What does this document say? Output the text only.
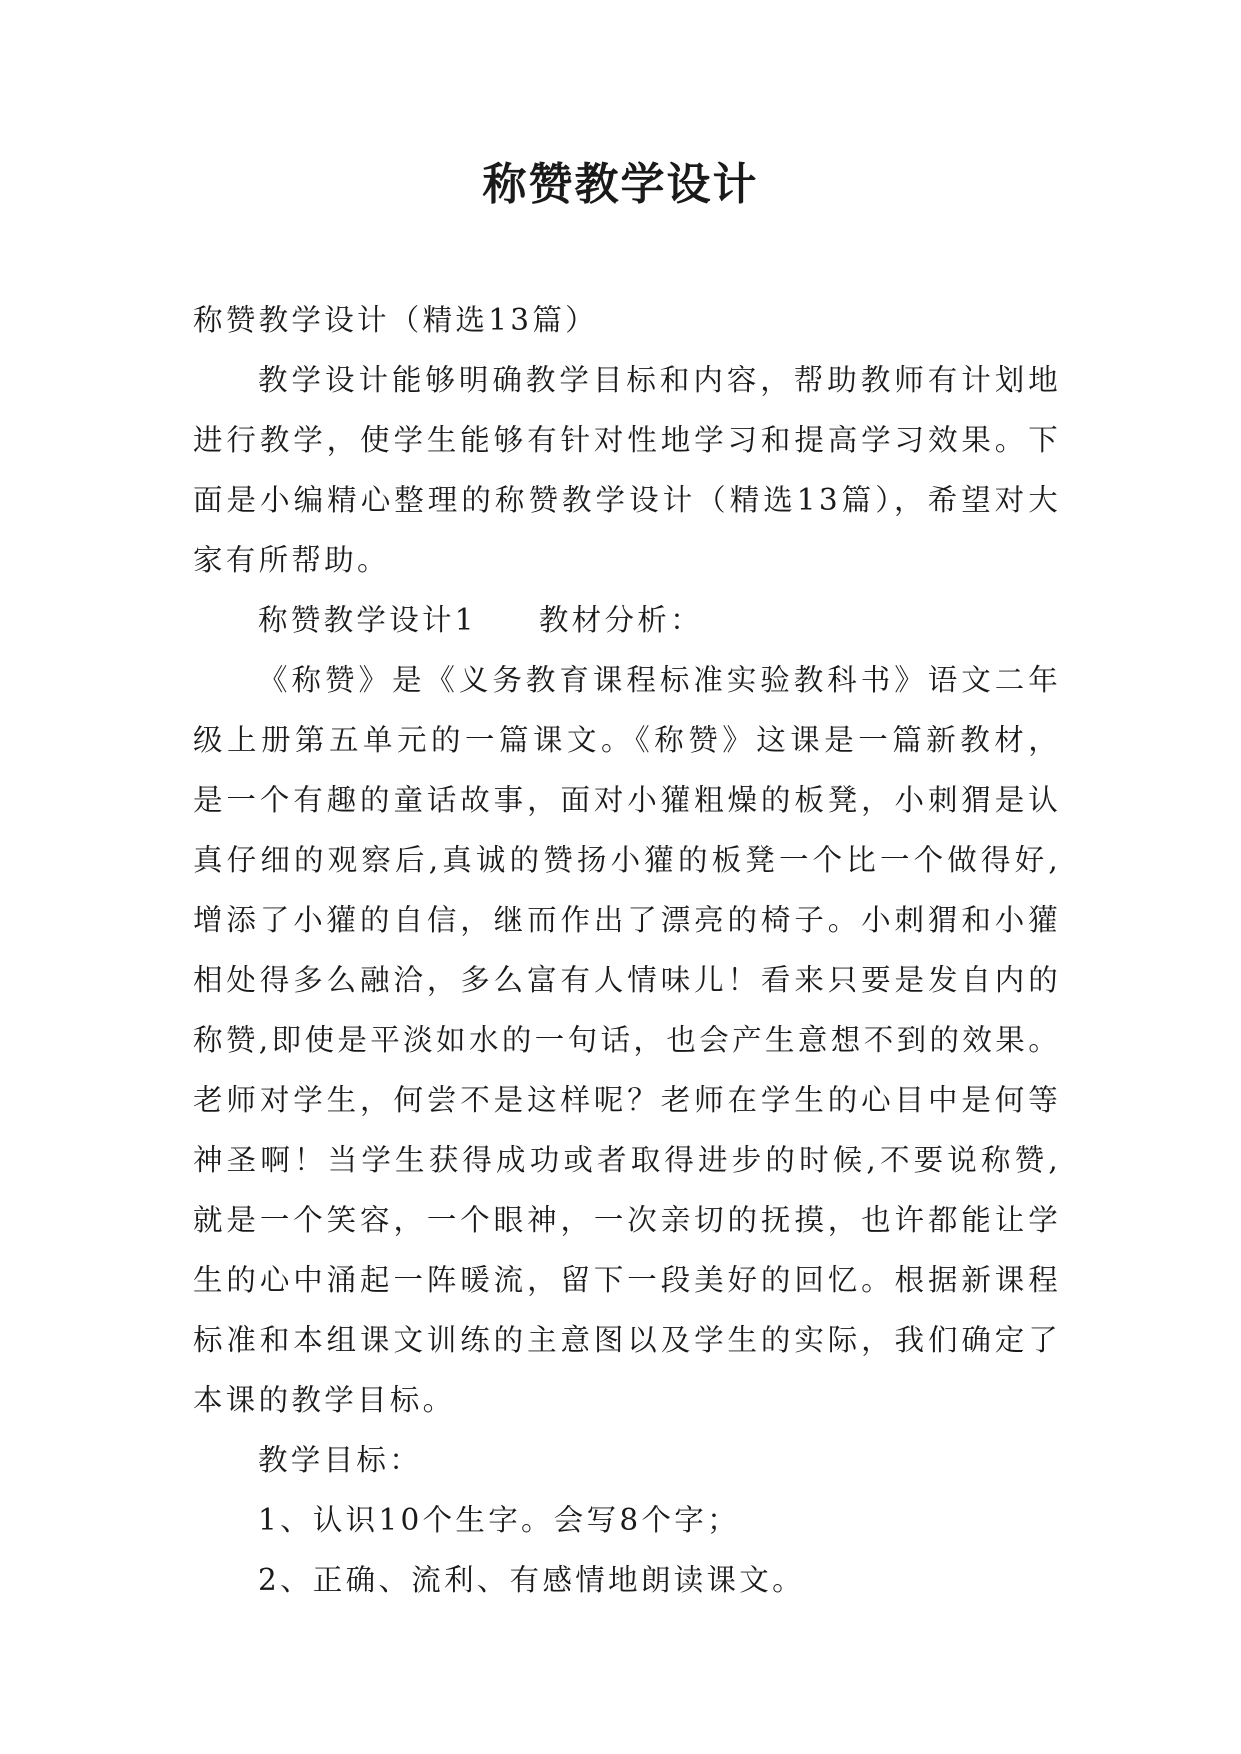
称赞教学设计

称赞教学设计（精选13篇）

教学设计能够明确教学目标和内容，帮助教师有计划地进行教学，使学生能够有针对性地学习和提高学习效果。下面是小编精心整理的称赞教学设计（精选13篇），希望对大家有所帮助。

称赞教学设计1 教材分析：

《称赞》是《义务教育课程标准实验教科书》语文二年级上册第五单元的一篇课文。《称赞》这课是一篇新教材，是一个有趣的童话故事，面对小獾粗燥的板凳，小刺猬是认真仔细的观察后,真诚的赞扬小獾的板凳一个比一个做得好,增添了小獾的自信，继而作出了漂亮的椅子。小刺猬和小獾相处得多么融洽，多么富有人情味儿！看来只要是发自内的称赞,即使是平淡如水的一句话，也会产生意想不到的效果。老师对学生，何尝不是这样呢？老师在学生的心目中是何等神圣啊！当学生获得成功或者取得进步的时候,不要说称赞,就是一个笑容，一个眼神，一次亲切的抚摸，也许都能让学生的心中涌起一阵暖流，留下一段美好的回忆。根据新课程标准和本组课文训练的主意图以及学生的实际，我们确定了本课的教学目标。

教学目标：

1、认识10个生字。会写8个字；

2、正确、流利、有感情地朗读课文。
